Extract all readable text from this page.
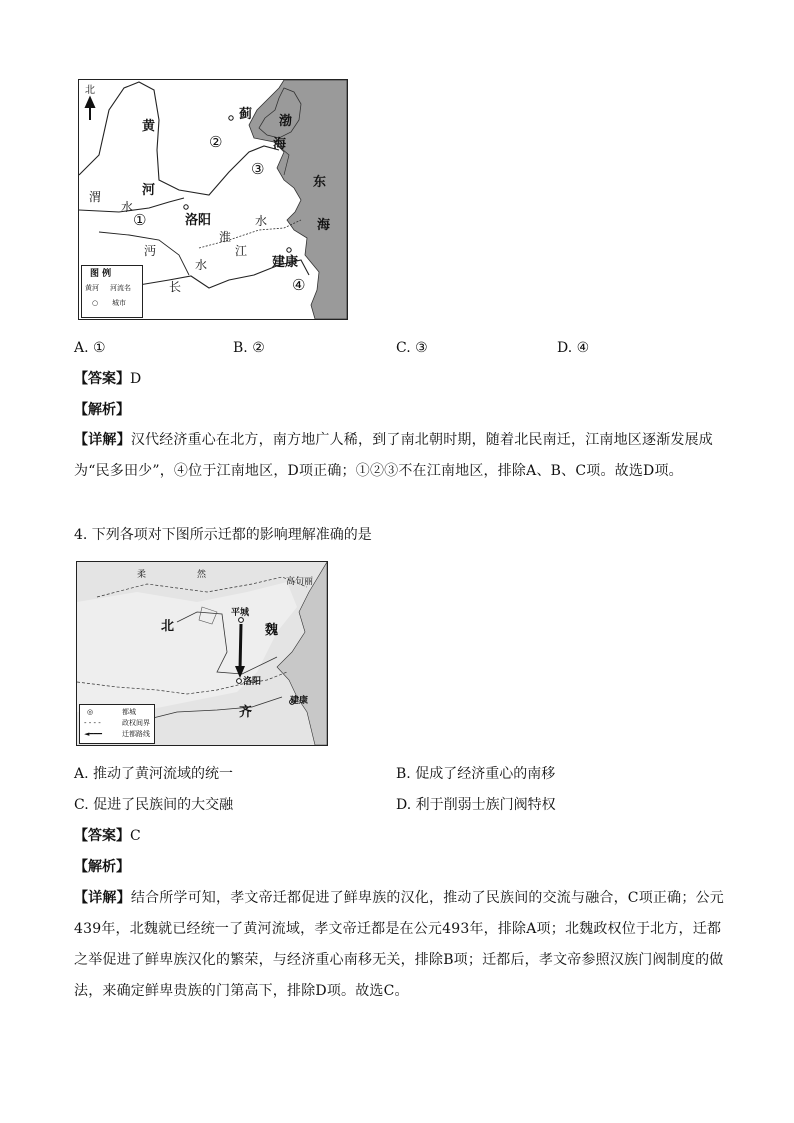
北
黄
河
蓟 渤
海
东
海
渭
水
洛阳	水
淮
沔
水
江
建康
长
①
②
③
④
图 例
黄河 河流名
○ 城市
A. ①	B. ②	C. ③	D. ④
【答案】D
【解析】
【详解】汉代经济重心在北方，南方地广人稀，到了南北朝时期，随着北民南迁，江南地区逐渐发展成为“民多田少”，④位于江南地区，D项正确；①②③不在江南地区，排除A、B、C项。故选D项。
4. 下列各项对下图所示迁都的影响理解准确的是
柔	然
高句丽
北
平城
魏
洛阳
齐
建康
◎	都城
- - - -	政权间界
◄━━━	迁都路线
A. 推动了黄河流域的统一	B. 促成了经济重心的南移
C. 促进了民族间的大交融	D. 利于削弱士族门阀特权
【答案】C
【解析】
【详解】结合所学可知，孝文帝迁都促进了鲜卑族的汉化，推动了民族间的交流与融合，C项正确；公元439年，北魏就已经统一了黄河流域，孝文帝迁都是在公元493年，排除A项；北魏政权位于北方，迁都之举促进了鲜卑族汉化的繁荣，与经济重心南移无关，排除B项；迁都后，孝文帝参照汉族门阀制度的做法，来确定鲜卑贵族的门第高下，排除D项。故选C。
